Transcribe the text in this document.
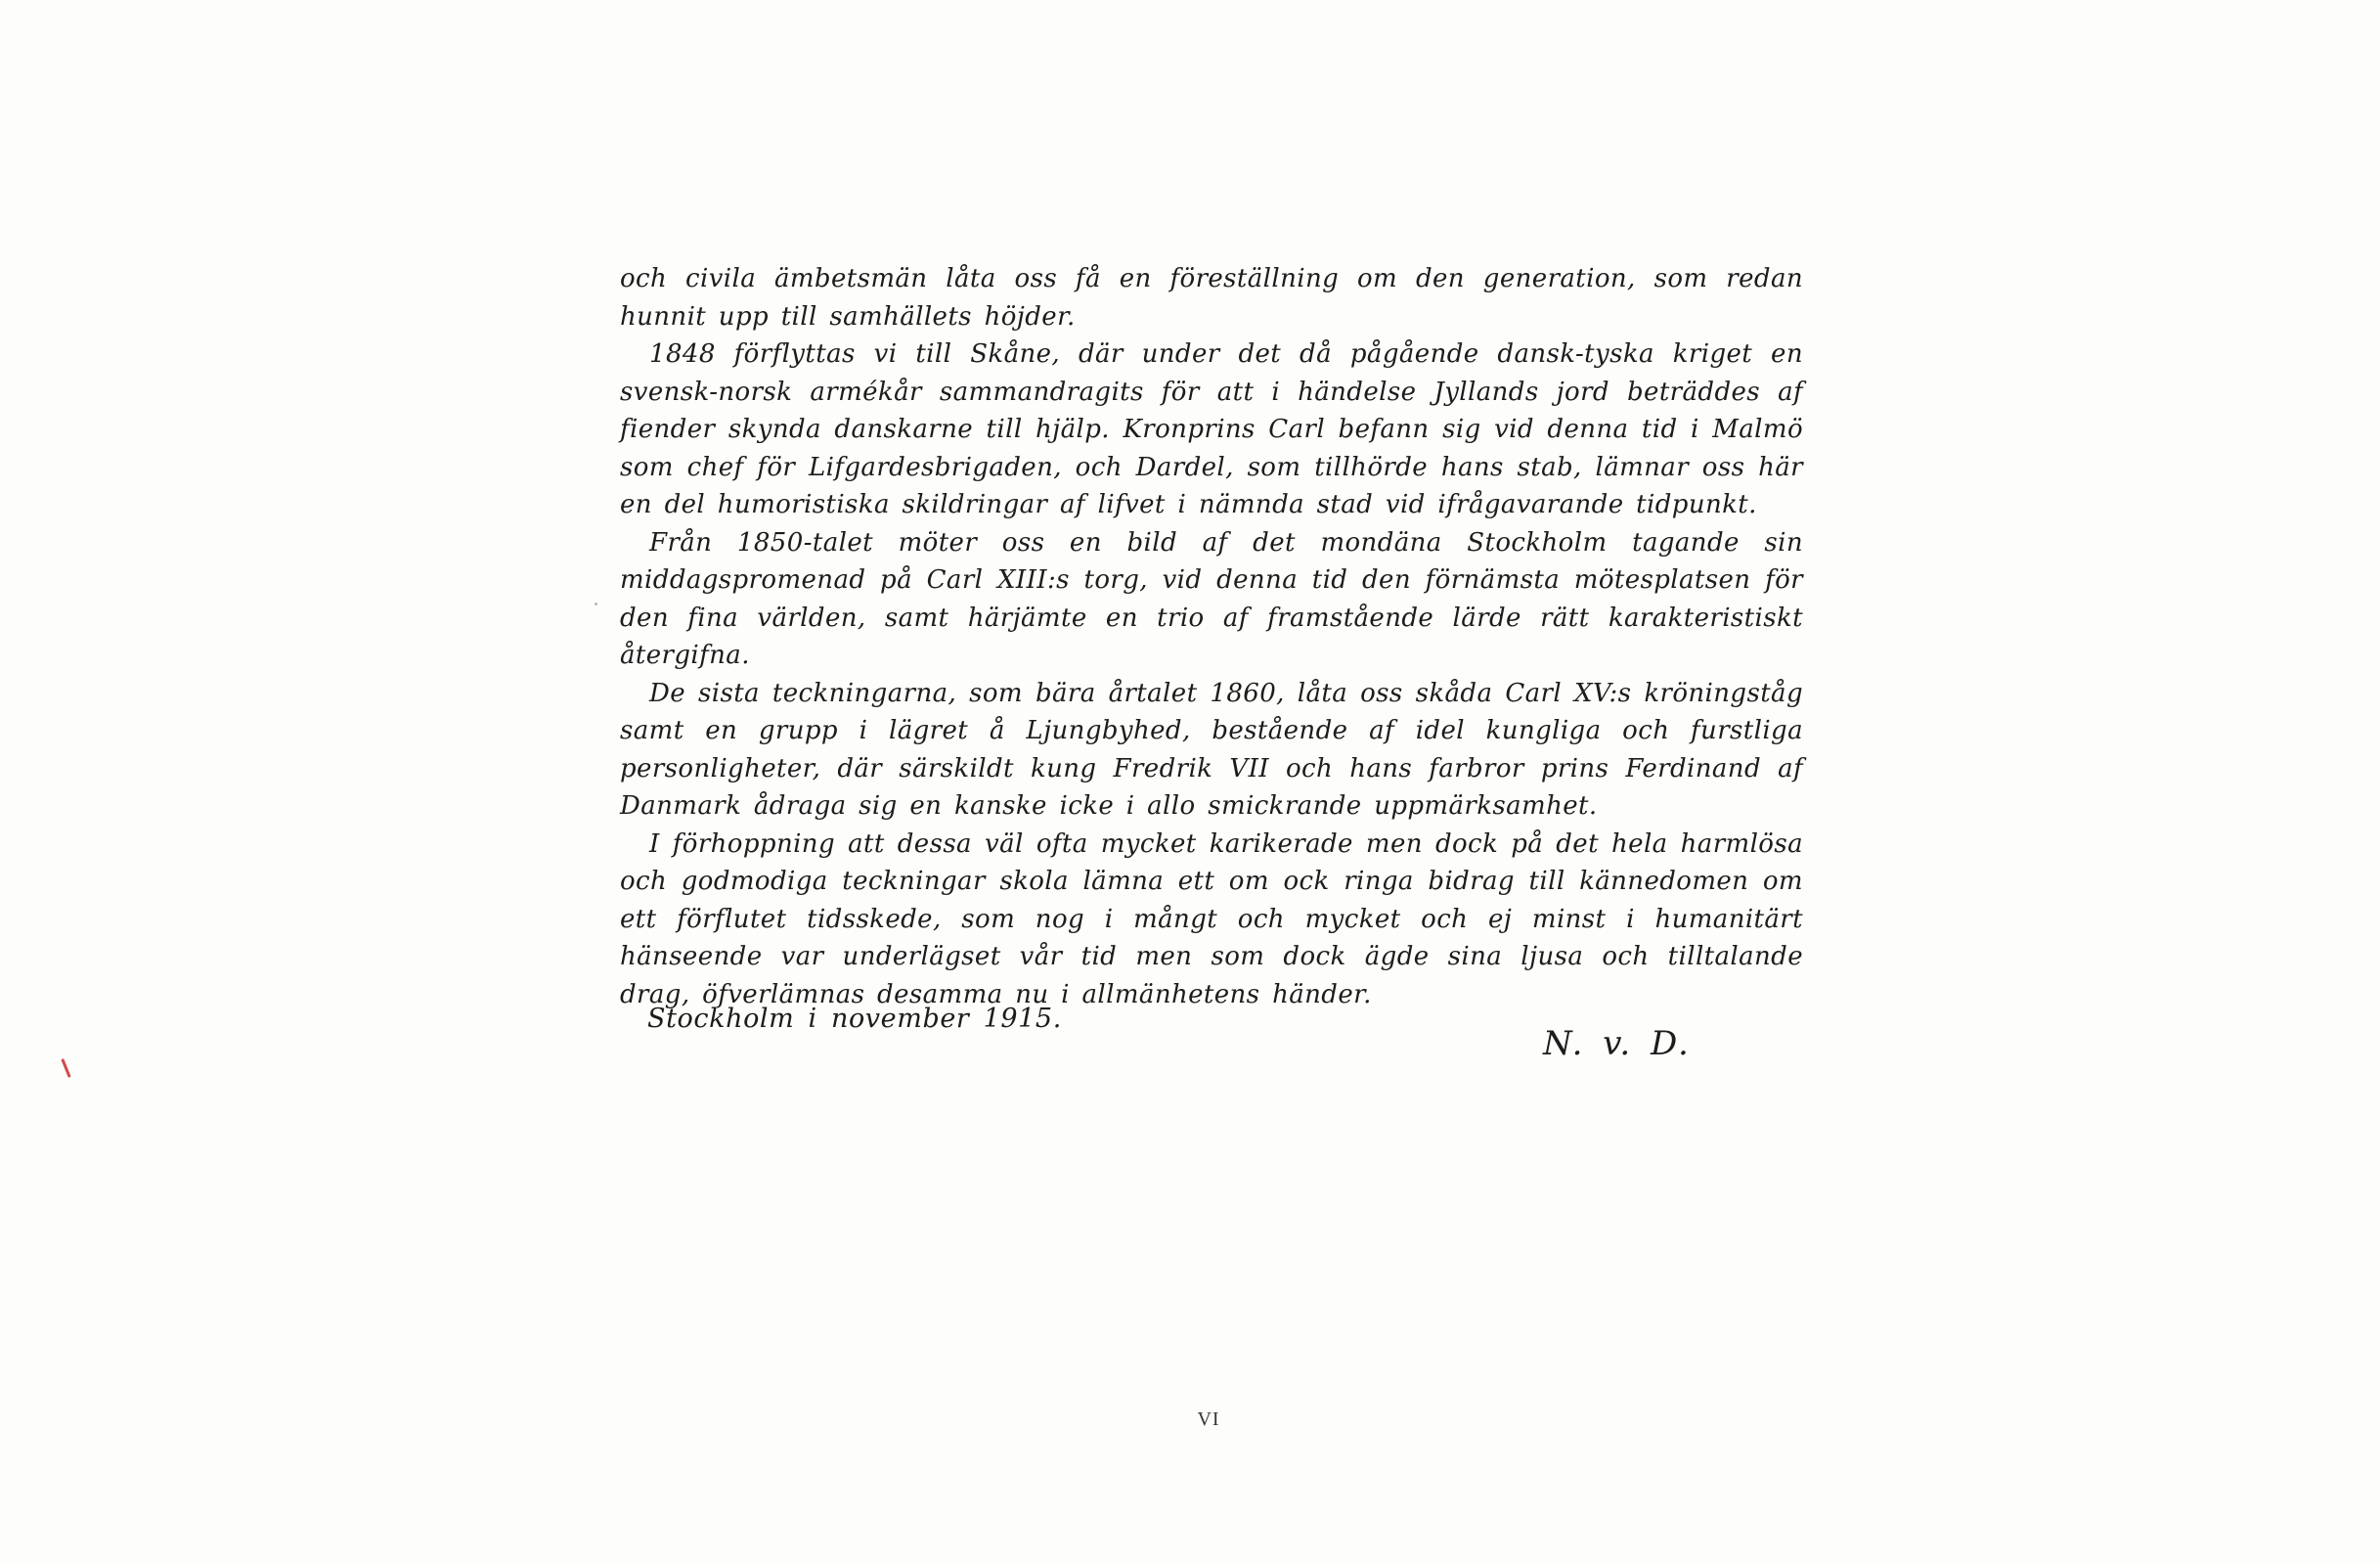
och civila ämbetsmän låta oss få en föreställning om den generation, som redan hunnit upp till samhällets höjder.

1848 förflyttas vi till Skåne, där under det då pågående dansk-tyska kriget en svensk-norsk armékår sammandragits för att i händelse Jyllands jord beträddes af fiender skynda danskarne till hjälp. Kronprins Carl befann sig vid denna tid i Malmö som chef för Lifgardesbrigaden, och Dardel, som tillhörde hans stab, lämnar oss här en del humoristiska skildringar af lifvet i nämnda stad vid ifrågavarande tidpunkt.

Från 1850-talet möter oss en bild af det mondäna Stockholm tagande sin middagspromenad på Carl XIII:s torg, vid denna tid den förnämsta mötesplatsen för den fina världen, samt härjämte en trio af framstående lärde rätt karakteristiskt återgifna.

De sista teckningarna, som bära årtalet 1860, låta oss skåda Carl XV:s kröningståg samt en grupp i lägret å Ljungbyhed, bestående af idel kungliga och furstliga personligheter, där särskildt kung Fredrik VII och hans farbror prins Ferdinand af Danmark ådraga sig en kanske icke i allo smickrande uppmärksamhet.

I förhoppning att dessa väl ofta mycket karikerade men dock på det hela harmlösa och godmodiga teckningar skola lämna ett om ock ringa bidrag till kännedomen om ett förflutet tidsskede, som nog i mångt och mycket och ej minst i humanitärt hänseende var underlägset vår tid men som dock ägde sina ljusa och tilltalande drag, öfverlämnas desamma nu i allmänhetens händer.

Stockholm i november 1915.
N. v. D.
VI
